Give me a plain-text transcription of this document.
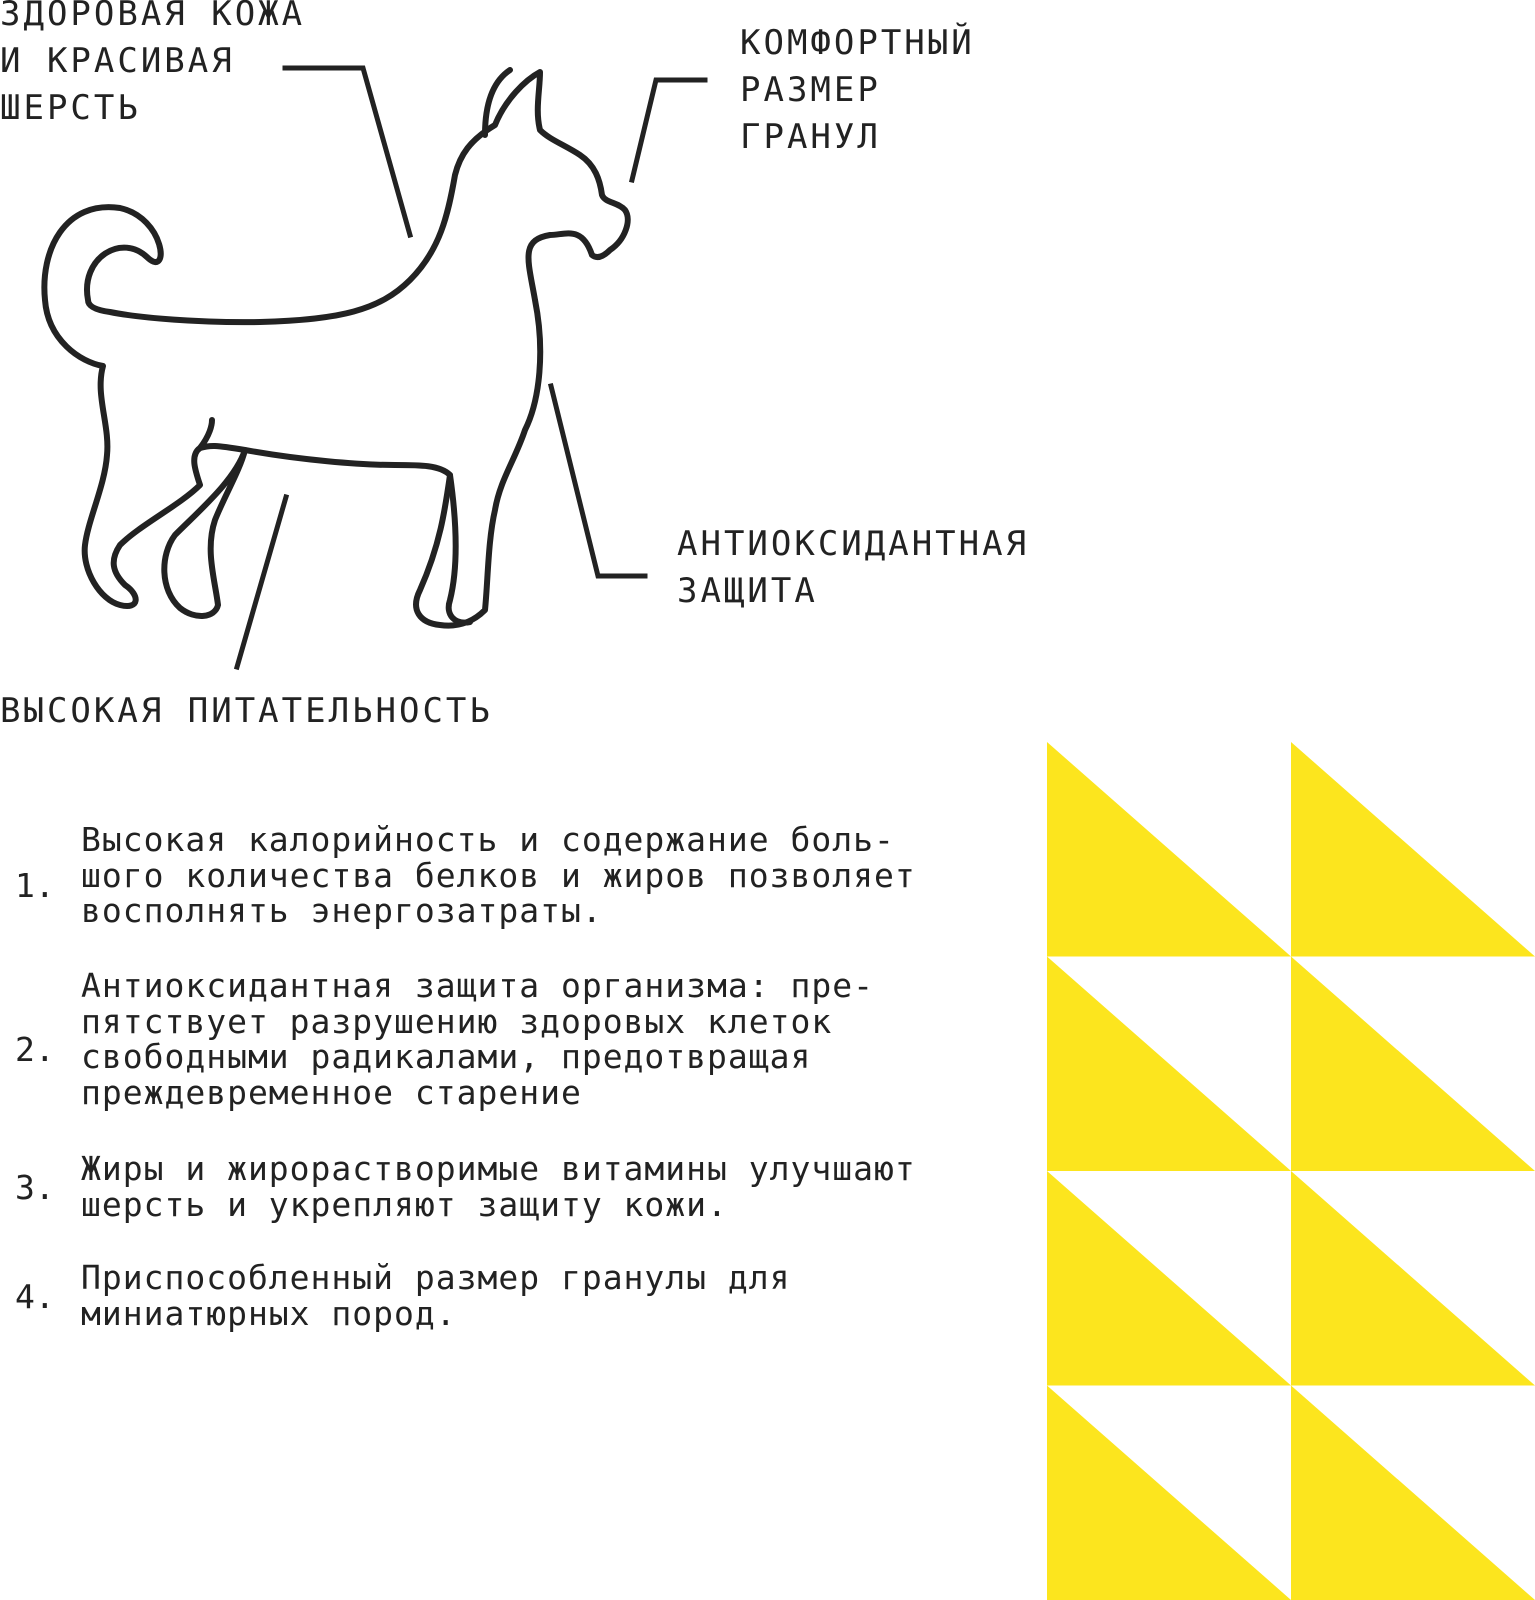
ЗДОРОВАЯ КОЖА
И КРАСИВАЯ
ШЕРСТЬ
КОМФОРТНЫЙ
РАЗМЕР
ГРАНУЛ
АНТИОКСИДАНТНАЯ
ЗАЩИТА
ВЫСОКАЯ ПИТАТЕЛЬНОСТЬ
1.
Высокая калорийность и содержание боль-
шого количества белков и жиров позволяет
восполнять энергозатраты.
2.
Антиоксидантная защита организма: пре-
пятствует разрушению здоровых клеток
свободными радикалами, предотвращая
преждевременное старение
3. Жиры и жирорастворимые витамины улучшают
шерсть и укрепляют защиту кожи.
4. Приспособленный размер гранулы для
миниатюрных пород.
